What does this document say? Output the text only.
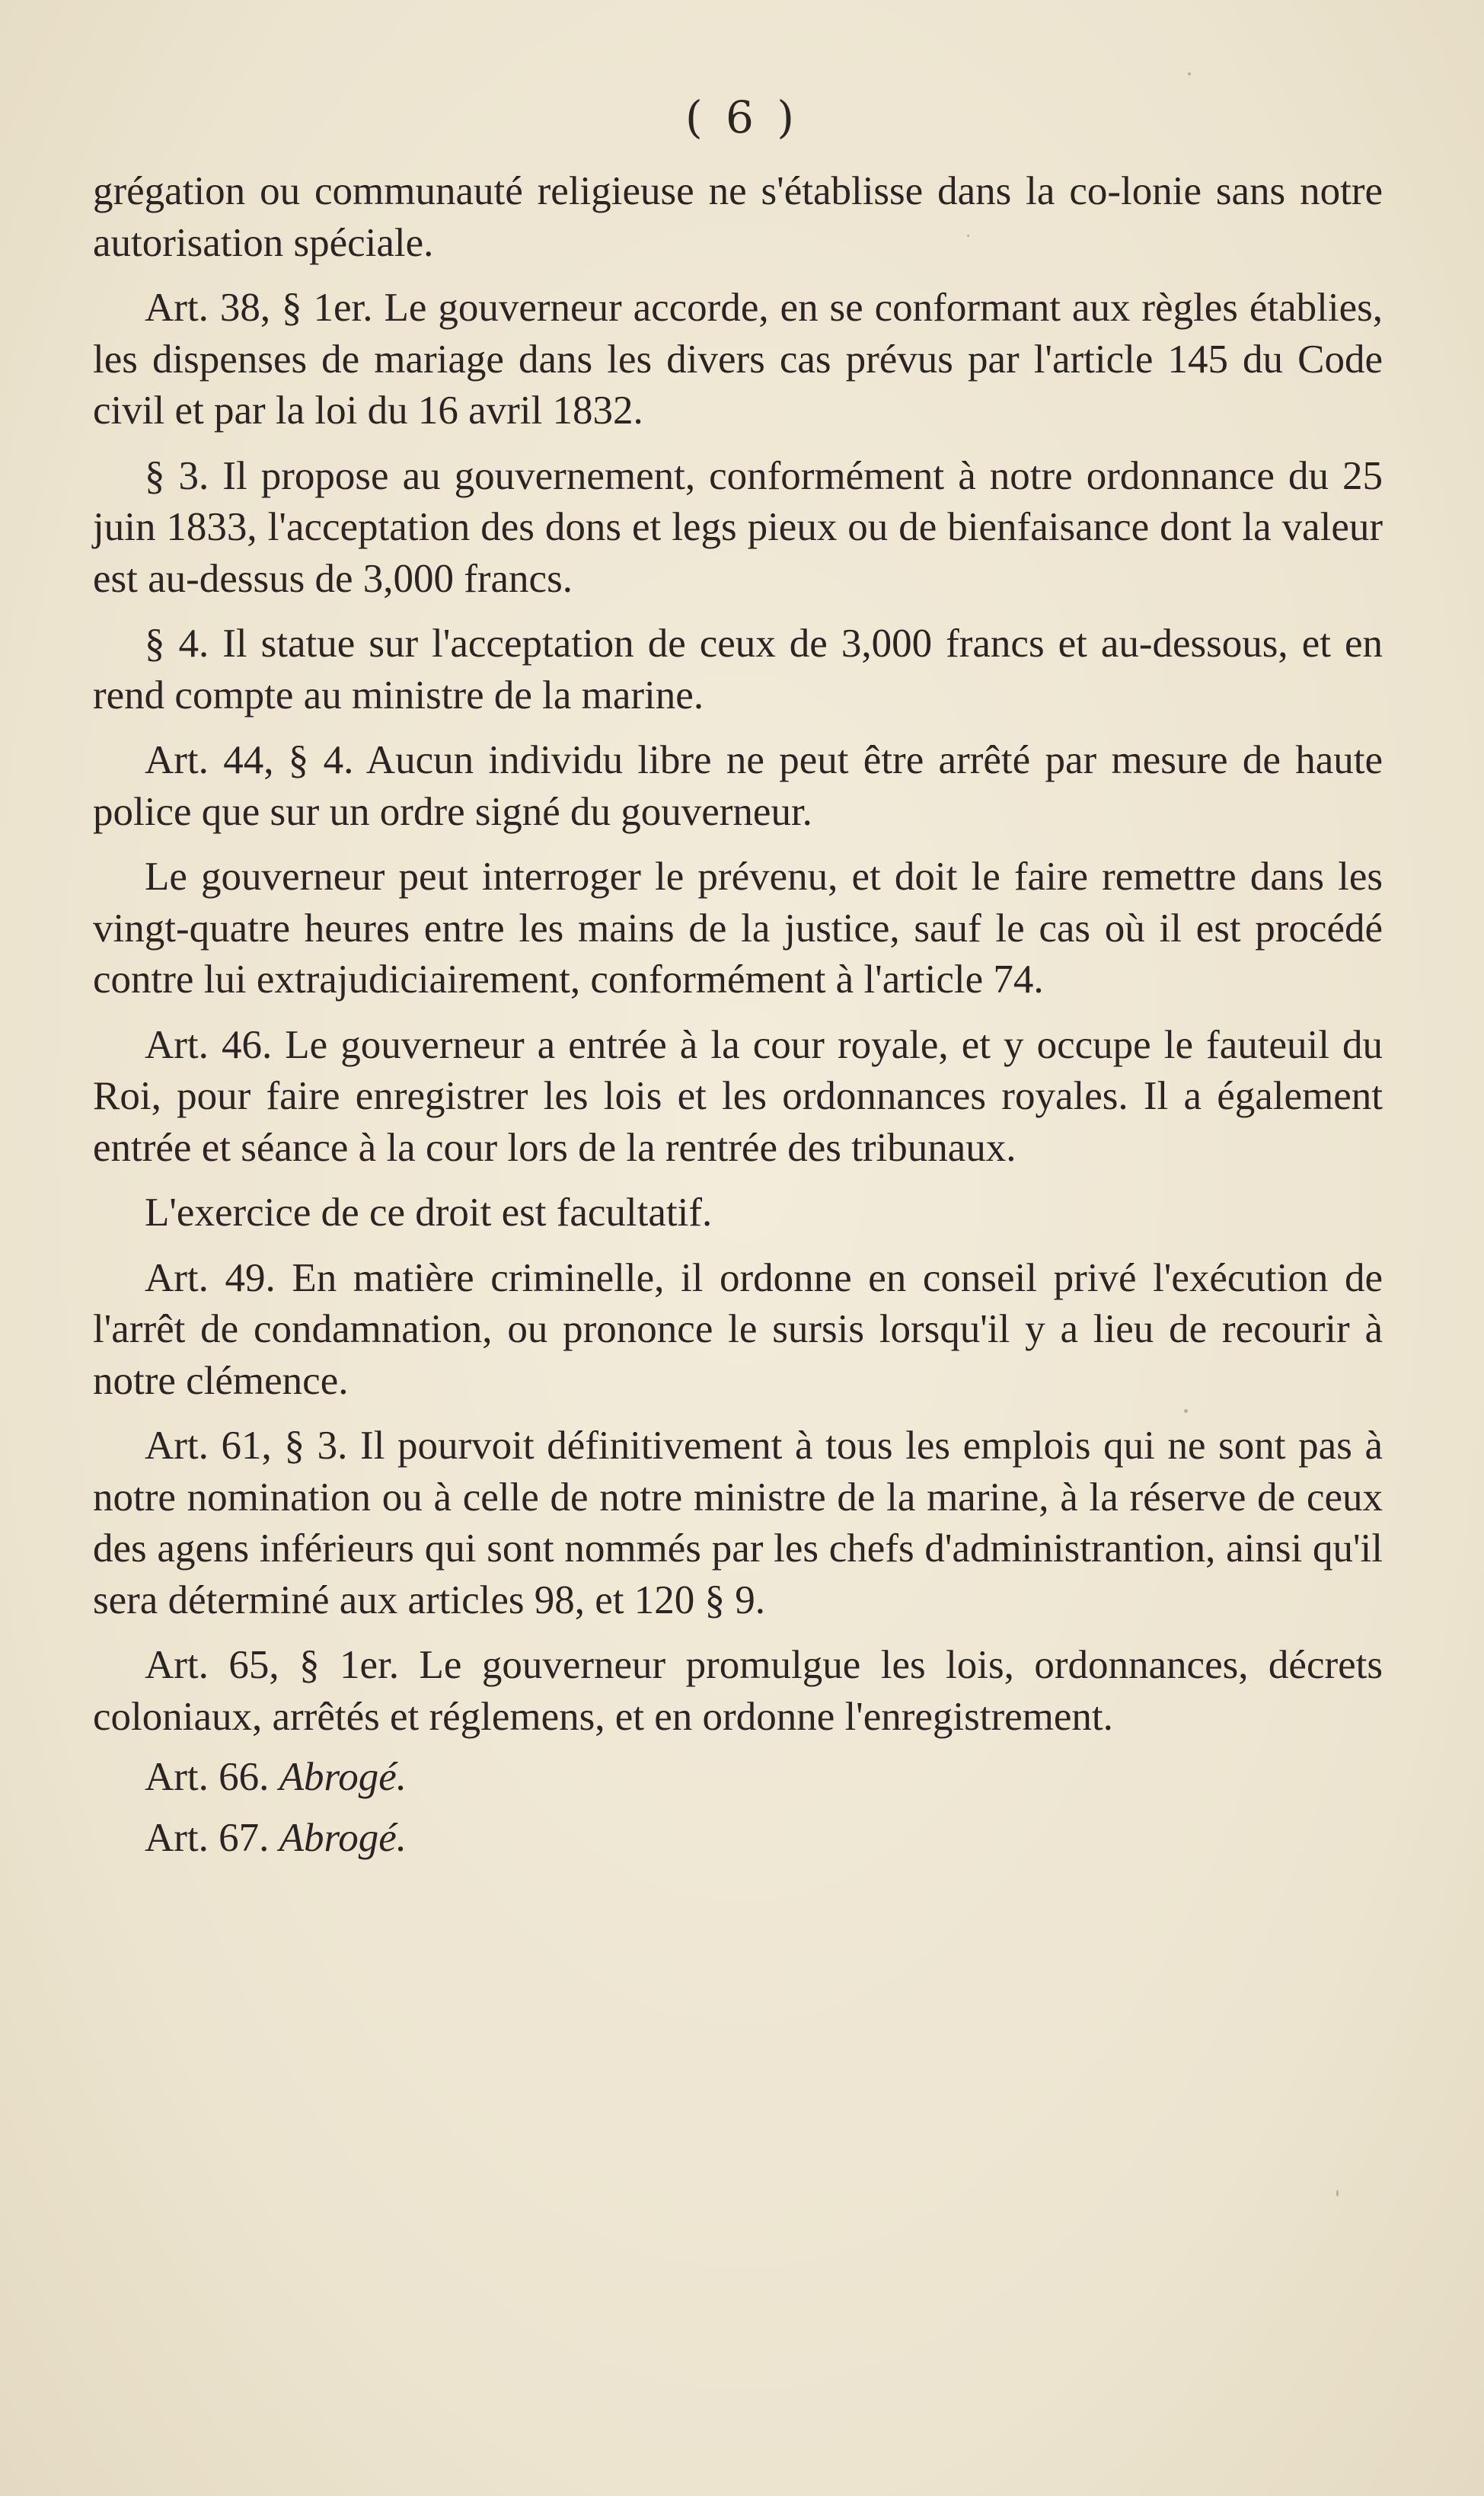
( 6 )

grégation ou communauté religieuse ne s'établisse dans la co-lonie sans notre autorisation spéciale.

Art. 38, § 1er. Le gouverneur accorde, en se conformant aux règles établies, les dispenses de mariage dans les divers cas prévus par l'article 145 du Code civil et par la loi du 16 avril 1832.

§ 3. Il propose au gouvernement, conformément à notre ordonnance du 25 juin 1833, l'acceptation des dons et legs pieux ou de bienfaisance dont la valeur est au-dessus de 3,000 francs.

§ 4. Il statue sur l'acceptation de ceux de 3,000 francs et au-dessous, et en rend compte au ministre de la marine.

Art. 44, § 4. Aucun individu libre ne peut être arrêté par mesure de haute police que sur un ordre signé du gouverneur.

Le gouverneur peut interroger le prévenu, et doit le faire remettre dans les vingt-quatre heures entre les mains de la justice, sauf le cas où il est procédé contre lui extrajudiciairement, conformément à l'article 74.

Art. 46. Le gouverneur a entrée à la cour royale, et y occupe le fauteuil du Roi, pour faire enregistrer les lois et les ordonnances royales. Il a également entrée et séance à la cour lors de la rentrée des tribunaux.

L'exercice de ce droit est facultatif.

Art. 49. En matière criminelle, il ordonne en conseil privé l'exécution de l'arrêt de condamnation, ou prononce le sursis lorsqu'il y a lieu de recourir à notre clémence.

Art. 61, § 3. Il pourvoit définitivement à tous les emplois qui ne sont pas à notre nomination ou à celle de notre ministre de la marine, à la réserve de ceux des agens inférieurs qui sont nommés par les chefs d'administrantion, ainsi qu'il sera déterminé aux articles 98, et 120 § 9.

Art. 65, § 1er. Le gouverneur promulgue les lois, ordonnances, décrets coloniaux, arrêtés et réglemens, et en ordonne l'enregistrement.

Art. 66. Abrogé.

Art. 67. Abrogé.
